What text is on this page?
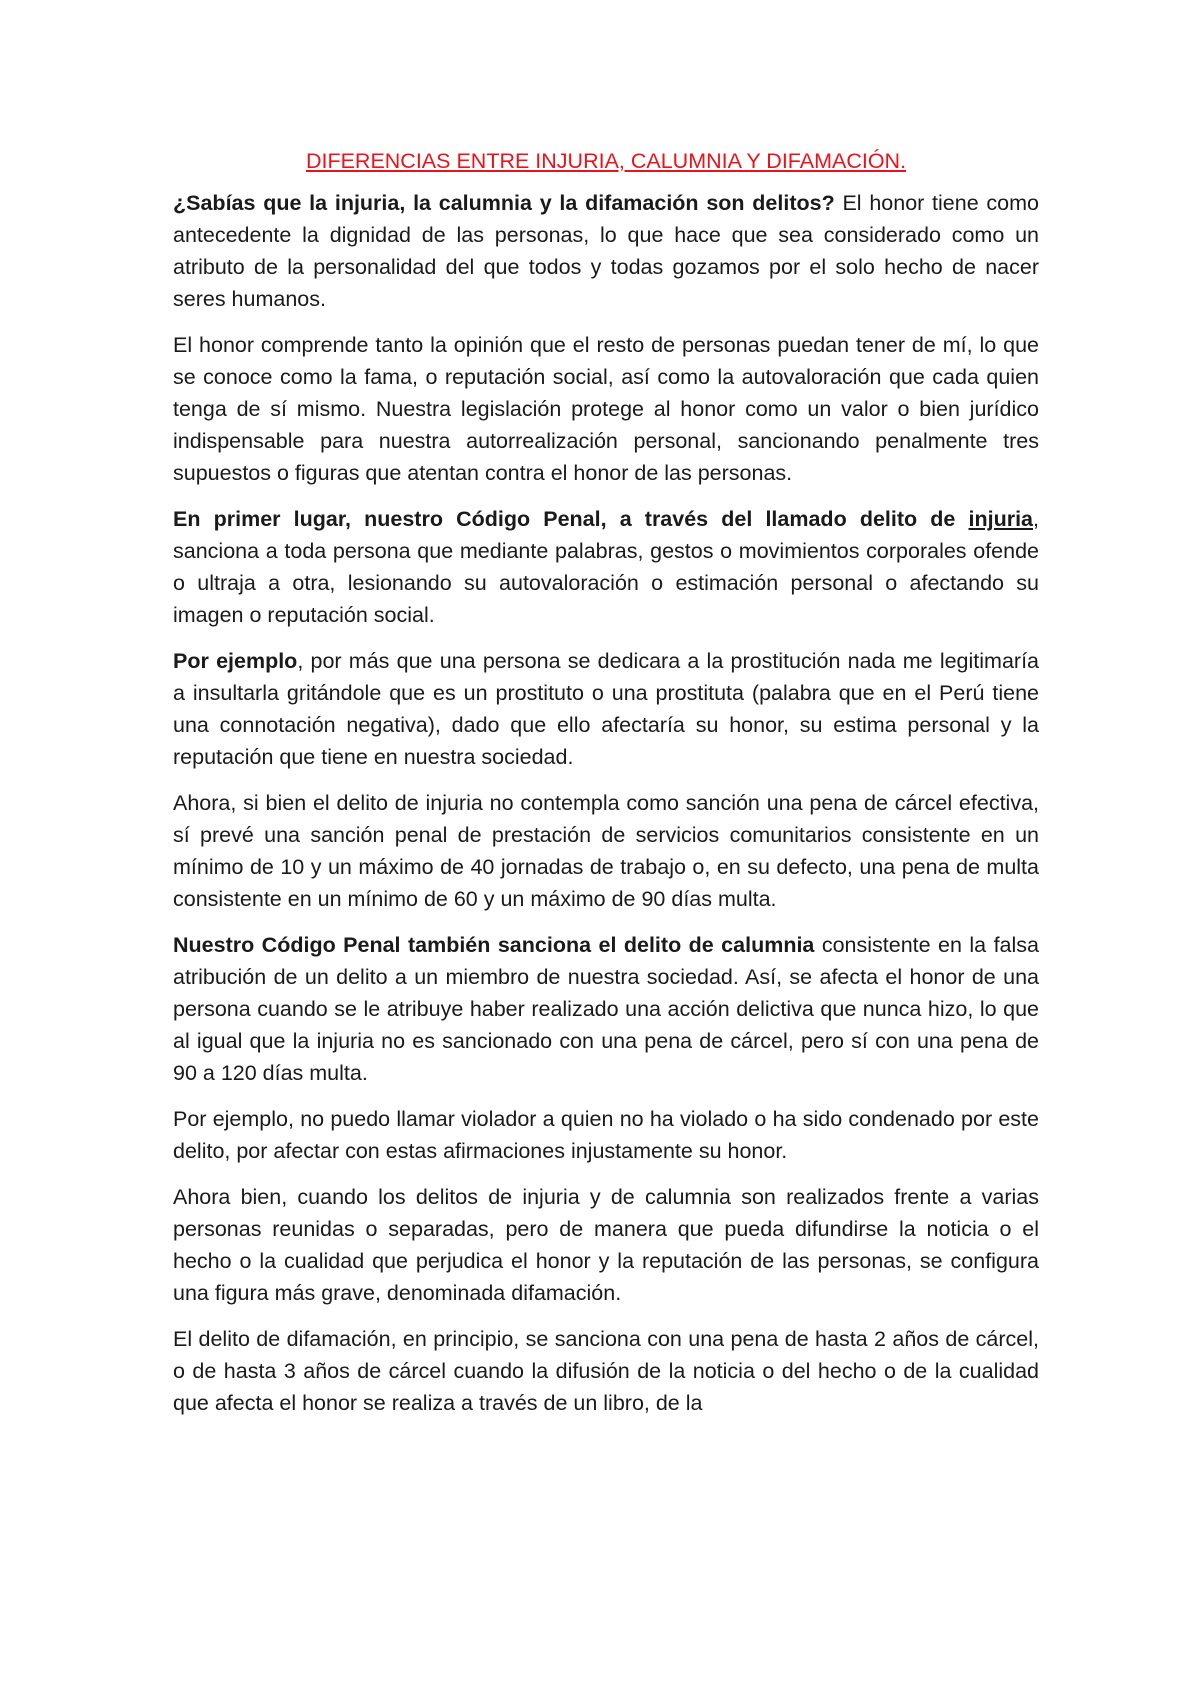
DIFERENCIAS ENTRE INJURIA, CALUMNIA Y DIFAMACIÓN.

¿Sabías que la injuria, la calumnia y la difamación son delitos? El honor tiene como antecedente la dignidad de las personas, lo que hace que sea considerado como un atributo de la personalidad del que todos y todas gozamos por el solo hecho de nacer seres humanos.

El honor comprende tanto la opinión que el resto de personas puedan tener de mí, lo que se conoce como la fama, o reputación social, así como la autovaloración que cada quien tenga de sí mismo. Nuestra legislación protege al honor como un valor o bien jurídico indispensable para nuestra autorrealización personal, sancionando penalmente tres supuestos o figuras que atentan contra el honor de las personas.

En primer lugar, nuestro Código Penal, a través del llamado delito de injuria, sanciona a toda persona que mediante palabras, gestos o movimientos corporales ofende o ultraja a otra, lesionando su autovaloración o estimación personal o afectando su imagen o reputación social.

Por ejemplo, por más que una persona se dedicara a la prostitución nada me legitimaría a insultarla gritándole que es un prostituto o una prostituta (palabra que en el Perú tiene una connotación negativa), dado que ello afectaría su honor, su estima personal y la reputación que tiene en nuestra sociedad.

Ahora, si bien el delito de injuria no contempla como sanción una pena de cárcel efectiva, sí prevé una sanción penal de prestación de servicios comunitarios consistente en un mínimo de 10 y un máximo de 40 jornadas de trabajo o, en su defecto, una pena de multa consistente en un mínimo de 60 y un máximo de 90 días multa.

Nuestro Código Penal también sanciona el delito de calumnia consistente en la falsa atribución de un delito a un miembro de nuestra sociedad. Así, se afecta el honor de una persona cuando se le atribuye haber realizado una acción delictiva que nunca hizo, lo que al igual que la injuria no es sancionado con una pena de cárcel, pero sí con una pena de 90 a 120 días multa.

Por ejemplo, no puedo llamar violador a quien no ha violado o ha sido condenado por este delito, por afectar con estas afirmaciones injustamente su honor.

Ahora bien, cuando los delitos de injuria y de calumnia son realizados frente a varias personas reunidas o separadas, pero de manera que pueda difundirse la noticia o el hecho o la cualidad que perjudica el honor y la reputación de las personas, se configura una figura más grave, denominada difamación.

El delito de difamación, en principio, se sanciona con una pena de hasta 2 años de cárcel, o de hasta 3 años de cárcel cuando la difusión de la noticia o del hecho o de la cualidad que afecta el honor se realiza a través de un libro, de la
